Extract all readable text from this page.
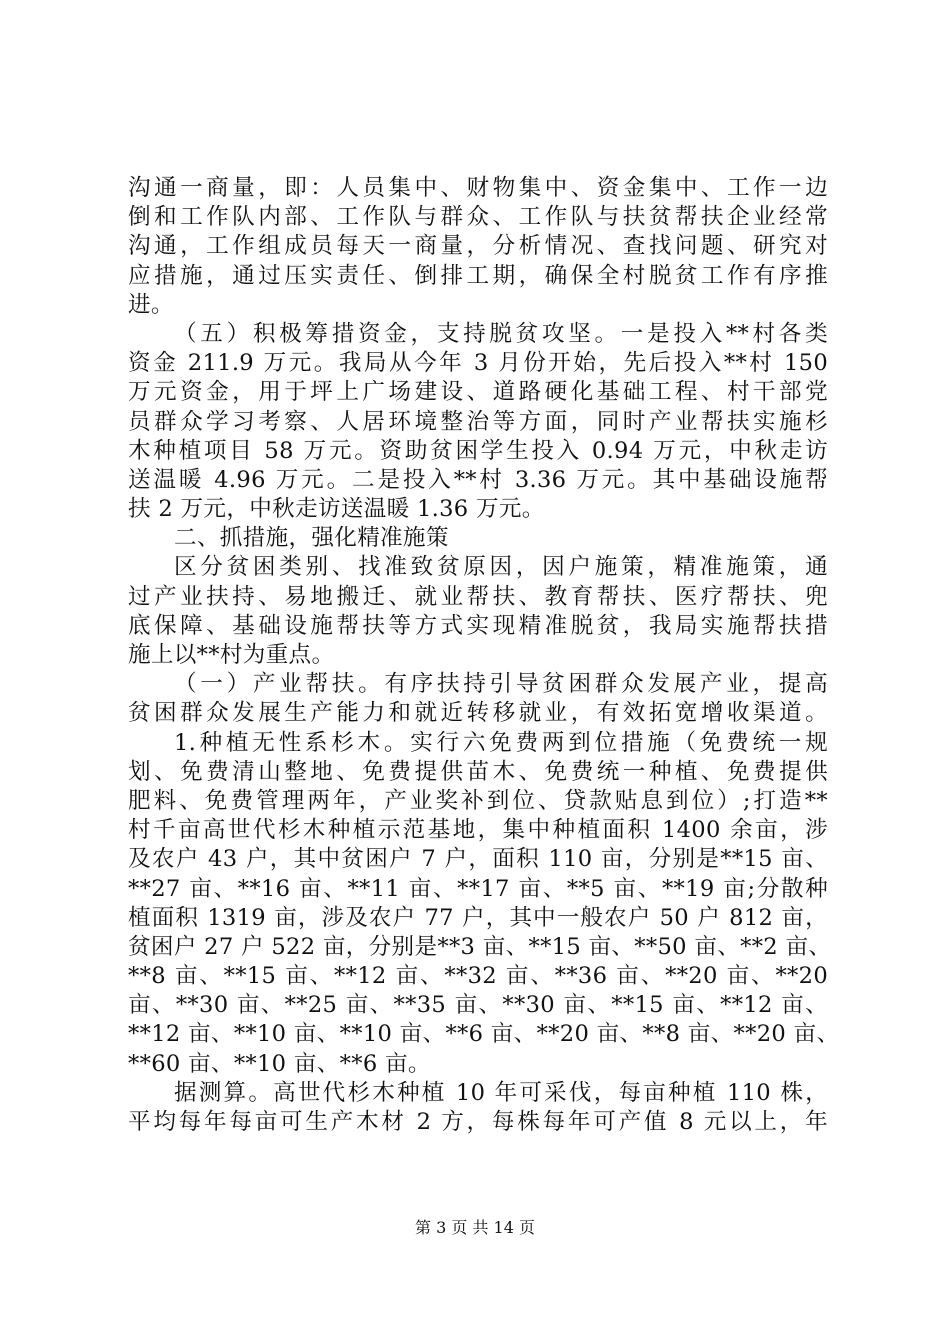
沟通一商量，即：人员集中、财物集中、资金集中、工作一边
倒和工作队内部、工作队与群众、工作队与扶贫帮扶企业经常
沟通，工作组成员每天一商量，分析情况、查找问题、研究对
应措施，通过压实责任、倒排工期，确保全村脱贫工作有序推
进。
（五）积极筹措资金，支持脱贫攻坚。一是投入**村各类
资金 211.9 万元。我局从今年 3 月份开始，先后投入**村 150
万元资金，用于坪上广场建设、道路硬化基础工程、村干部党
员群众学习考察、人居环境整治等方面，同时产业帮扶实施杉
木种植项目 58 万元。资助贫困学生投入 0.94 万元，中秋走访
送温暖 4.96 万元。二是投入**村 3.36 万元。其中基础设施帮
扶 2 万元，中秋走访送温暖 1.36 万元。
二、抓措施，强化精准施策
区分贫困类别、找准致贫原因，因户施策，精准施策，通
过产业扶持、易地搬迁、就业帮扶、教育帮扶、医疗帮扶、兜
底保障、基础设施帮扶等方式实现精准脱贫，我局实施帮扶措
施上以**村为重点。
（一）产业帮扶。有序扶持引导贫困群众发展产业，提高
贫困群众发展生产能力和就近转移就业，有效拓宽增收渠道。
1.种植无性系杉木。实行六免费两到位措施（免费统一规
划、免费清山整地、免费提供苗木、免费统一种植、免费提供
肥料、免费管理两年，产业奖补到位、贷款贴息到位）;打造**
村千亩高世代杉木种植示范基地，集中种植面积 1400 余亩，涉
及农户 43 户，其中贫困户 7 户，面积 110 亩，分别是**15 亩、
**27 亩、**16 亩、**11 亩、**17 亩、**5 亩、**19 亩;分散种
植面积 1319 亩，涉及农户 77 户，其中一般农户 50 户 812 亩，
贫困户 27 户 522 亩，分别是**3 亩、**15 亩、**50 亩、**2 亩、
**8 亩、**15 亩、**12 亩、**32 亩、**36 亩、**20 亩、**20
亩、**30 亩、**25 亩、**35 亩、**30 亩、**15 亩、**12 亩、
**12 亩、**10 亩、**10 亩、**6 亩、**20 亩、**8 亩、**20 亩、
**60 亩、**10 亩、**6 亩。
据测算。高世代杉木种植 10 年可采伐，每亩种植 110 株，
平均每年每亩可生产木材 2 方，每株每年可产值 8 元以上，年
第 3 页 共 14 页
